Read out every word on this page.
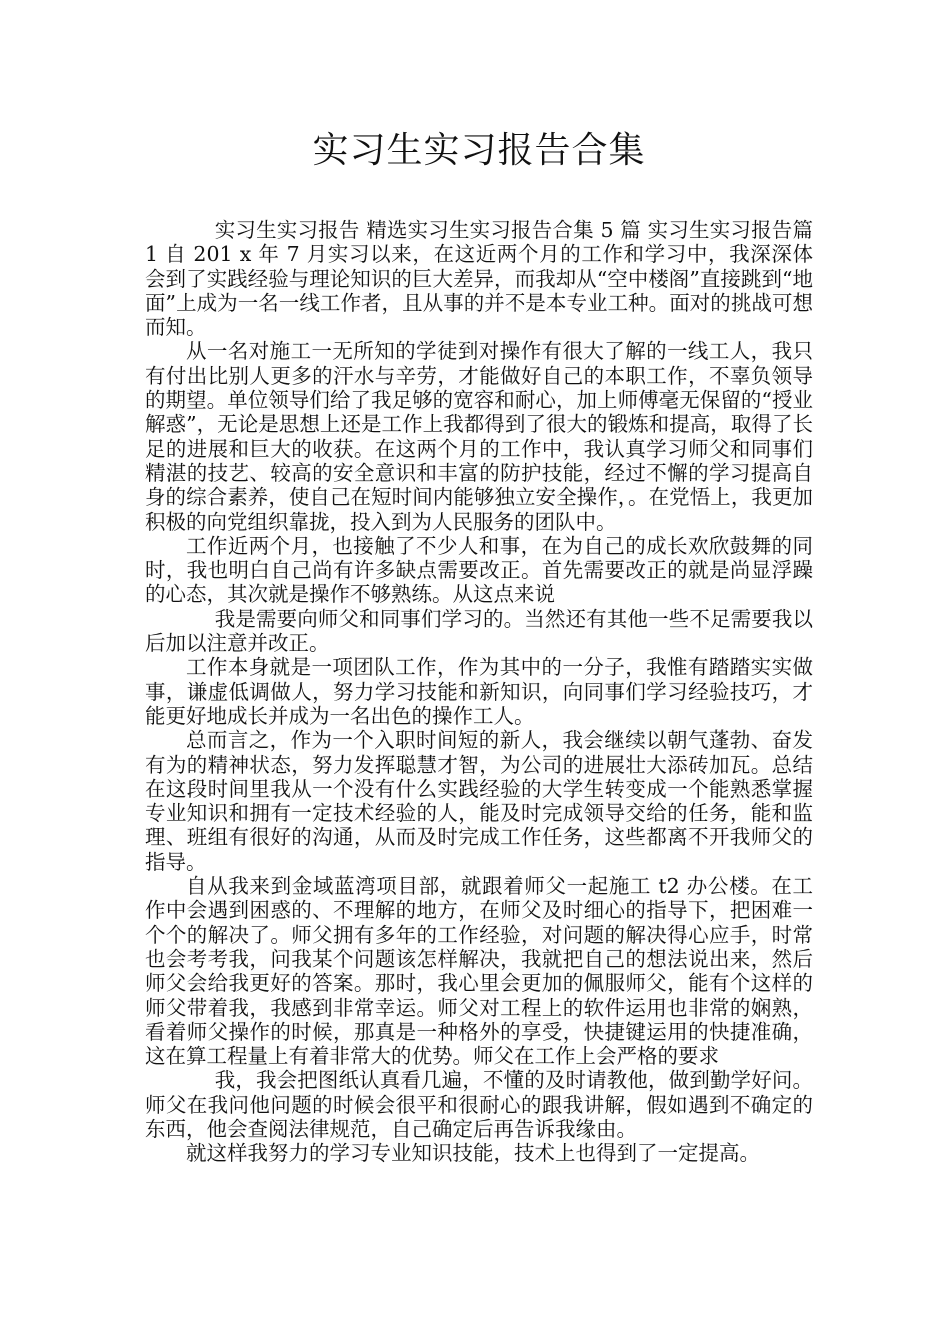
实习生实习报告合集

实习生实习报告 精选实习生实习报告合集 5 篇 实习生实习报告篇 1 自 201 x 年 7 月实习以来，在这近两个月的工作和学习中，我深深体会到了实践经验与理论知识的巨大差异，而我却从“空中楼阁”直接跳到“地面”上成为一名一线工作者，且从事的并不是本专业工种。面对的挑战可想而知。

从一名对施工一无所知的学徒到对操作有很大了解的一线工人，我只有付出比别人更多的汗水与辛劳，才能做好自己的本职工作，不辜负领导的期望。单位领导们给了我足够的宽容和耐心，加上师傅毫无保留的“授业解惑”，无论是思想上还是工作上我都得到了很大的锻炼和提高，取得了长足的进展和巨大的收获。在这两个月的工作中，我认真学习师父和同事们精湛的技艺、较高的安全意识和丰富的防护技能，经过不懈的学习提高自身的综合素养，使自己在短时间内能够独立安全操作，。在党悟上，我更加积极的向党组织靠拢，投入到为人民服务的团队中。

工作近两个月，也接触了不少人和事，在为自己的成长欢欣鼓舞的同时，我也明白自己尚有许多缺点需要改正。首先需要改正的就是尚显浮躁的心态，其次就是操作不够熟练。从这点来说

我是需要向师父和同事们学习的。当然还有其他一些不足需要我以后加以注意并改正。

工作本身就是一项团队工作，作为其中的一分子，我惟有踏踏实实做事，谦虚低调做人，努力学习技能和新知识，向同事们学习经验技巧，才能更好地成长并成为一名出色的操作工人。

总而言之，作为一个入职时间短的新人，我会继续以朝气蓬勃、奋发有为的精神状态，努力发挥聪慧才智，为公司的进展壮大添砖加瓦。总结在这段时间里我从一个没有什么实践经验的大学生转变成一个能熟悉掌握专业知识和拥有一定技术经验的人，能及时完成领导交给的任务，能和监理、班组有很好的沟通，从而及时完成工作任务，这些都离不开我师父的指导。

自从我来到金域蓝湾项目部，就跟着师父一起施工 t2 办公楼。在工作中会遇到困惑的、不理解的地方，在师父及时细心的指导下，把困难一个个的解决了。师父拥有多年的工作经验，对问题的解决得心应手，时常也会考考我，问我某个问题该怎样解决，我就把自己的想法说出来，然后师父会给我更好的答案。那时，我心里会更加的佩服师父，能有个这样的师父带着我，我感到非常幸运。师父对工程上的软件运用也非常的娴熟，看着师父操作的时候，那真是一种格外的享受，快捷键运用的快捷准确，这在算工程量上有着非常大的优势。师父在工作上会严格的要求

我，我会把图纸认真看几遍，不懂的及时请教他，做到勤学好问。师父在我问他问题的时候会很平和很耐心的跟我讲解，假如遇到不确定的东西，他会查阅法律规范，自己确定后再告诉我缘由。

就这样我努力的学习专业知识技能，技术上也得到了一定提高。
